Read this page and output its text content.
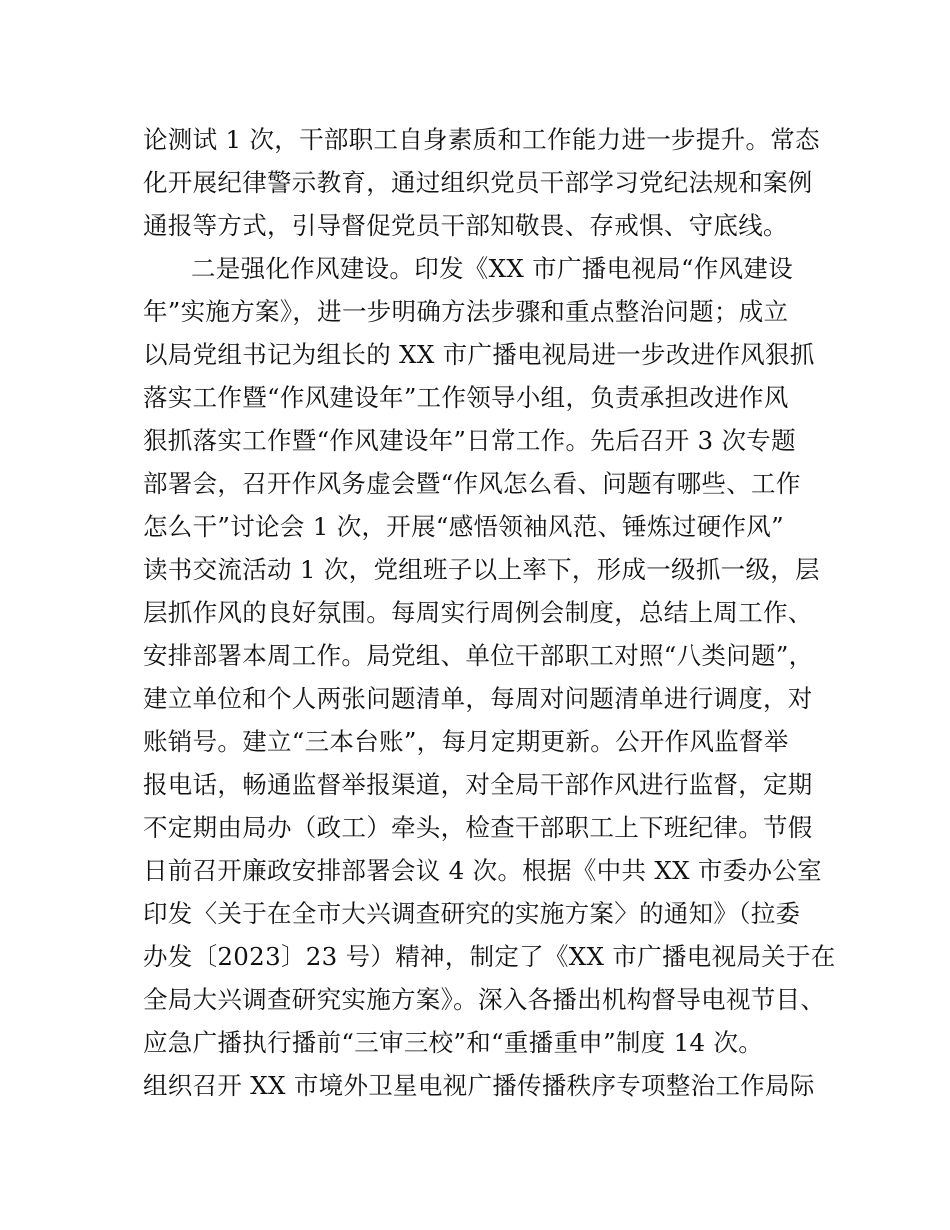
论测试 1 次，干部职工自身素质和工作能力进一步提升。常态
化开展纪律警示教育，通过组织党员干部学习党纪法规和案例
通报等方式，引导督促党员干部知敬畏、存戒惧、守底线。
二是强化作风建设。印发《XX 市广播电视局“作风建设
年”实施方案》，进一步明确方法步骤和重点整治问题；成立
以局党组书记为组长的 XX 市广播电视局进一步改进作风狠抓
落实工作暨“作风建设年”工作领导小组，负责承担改进作风
狠抓落实工作暨“作风建设年”日常工作。先后召开 3 次专题
部署会，召开作风务虚会暨“作风怎么看、问题有哪些、工作
怎么干”讨论会 1 次，开展“感悟领袖风范、锤炼过硬作风”
读书交流活动 1 次，党组班子以上率下，形成一级抓一级，层
层抓作风的良好氛围。每周实行周例会制度，总结上周工作、
安排部署本周工作。局党组、单位干部职工对照“八类问题”，
建立单位和个人两张问题清单，每周对问题清单进行调度，对
账销号。建立“三本台账”，每月定期更新。公开作风监督举
报电话，畅通监督举报渠道，对全局干部作风进行监督，定期
不定期由局办（政工）牵头，检查干部职工上下班纪律。节假
日前召开廉政安排部署会议 4 次。根据《中共 XX 市委办公室
印发〈关于在全市大兴调查研究的实施方案〉的通知》（拉委
办发〔2023〕23 号）精神，制定了《XX 市广播电视局关于在
全局大兴调查研究实施方案》。深入各播出机构督导电视节目、
应急广播执行播前“三审三校”和“重播重申”制度 14 次。
组织召开 XX 市境外卫星电视广播传播秩序专项整治工作局际
